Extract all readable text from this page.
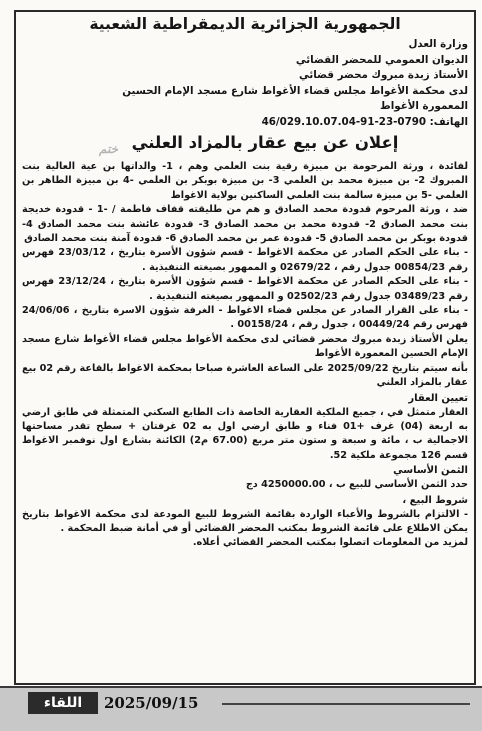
الجمهورية الجزائرية الديمقراطية الشعبية
وزارة العدل
الديوان العمومي للمحضر القضائي
الأستاذ زبدة مبروك محضر قضائي
لدى محكمة الأغواط مجلس قضاء الأغواط شارع مسجد الإمام الحسين
المعمورة الأغواط
الهاتف: 0790-23-91-46/029.10.07.04
إعلان عن بيع عقار بالمزاد العلني

لفائدة ، ورثة المرحومة بن مبيزة رقية بنت العلمي وهم ، 1- والداتها بن عية العالية بنت المبروك 2- بن مبيزة محمد بن العلمي 3- بن مبيزة بوبكر بن العلمي -4 بن مبيزة الطاهر بن العلمي -5 بن مبيزة سالمة بنت العلمي الساكنين بولاية الاغواط

ضد ، ورثة المرحوم قدودة محمد الصادق و هم من طليقته قفاف فاطمة / -1 - قدودة خديجة بنت محمد الصادق 2- قدودة محمد بن محمد الصادق 3- قدودة عائشة بنت محمد الصادق 4- قدودة بوبكر بن محمد الصادق 5- قدودة عمر بن محمد الصادق 6- قدودة آمنة بنت محمد الصادق

- بناء على الحكم الصادر عن محكمة الاغواط - قسم شؤون الأسرة بتاريخ ، 23/03/12 فهرس رقم 00854/23 جدول رقم ، 02679/22 و الممهور بصيغته التنفيذية .

- بناء على الحكم الصادر عن محكمة الاغواط - قسم شؤون الأسرة بتاريخ ، 23/12/24 فهرس رقم 03489/23 جدول رقم 02502/23 و الممهور بصيغته التنفيذية .

- بناء على القرار الصادر عن مجلس قضاء الاغواط - الغرفة شؤون الاسرة بتاريخ ، 24/06/06 فهرس رقم 00449/24 ، جدول رقم ، 00158/24 .

يعلن الأستاذ زبدة مبروك محضر قضائي لدى محكمة الأغواط مجلس قضاء الأغواط شارع مسجد الإمام الحسين المعمورة الأغواط

بأنه سيتم بتاريخ 2025/09/22 على الساعة العاشرة صباحا بمحكمة الاغواط بالقاعة رقم 02 بيع عقار بالمزاد العلني

تعيين العقار

العقار متمثل في ، جميع الملكية العقارية الخاصة ذات الطابع السكني المتمثلة في طابق ارضي به اربعة (04) غرف +01 فناء و طابق ارضي اول به 02 غرفتان + سطح تقدر مساحتها الاجمالية ب ، مائة و سبعة و ستون متر مربع (67.00 م2) الكائنة بشارع اول نوفمبر الاغواط قسم 126 مجموعة ملكية 52.

الثمن الأساسي

حدد الثمن الأساسي للبيع ب ، 4250000.00 دج

شروط البيع ،

- الالتزام بالشروط والأعباء الواردة بقائمة الشروط للبيع المودعة لدى محكمة الاغواط بتاريخ يمكن الاطلاع على قائمة الشروط بمكتب المحضر القضائي أو في أمانة ضبط المحكمة .

لمزيد من المعلومات اتصلوا بمكتب المحضر القضائي أعلاه.

ختم
اللقاء	2025/09/15
